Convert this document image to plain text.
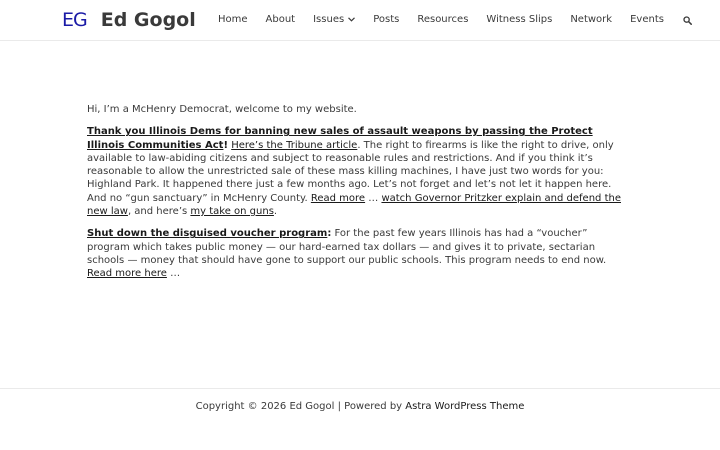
EG Ed Gogol	Home	About	Issues	Posts	Resources	Witness Slips	Network	Events

Hi, I’m a McHenry Democrat, welcome to my website.

Thank you Illinois Dems for banning new sales of assault weapons by passing the Protect Illinois Communities Act! Here’s the Tribune article. The right to firearms is like the right to drive, only available to law-abiding citizens and subject to reasonable rules and restrictions. And if you think it’s reasonable to allow the unrestricted sale of these mass killing machines, I have just two words for you: Highland Park. It happened there just a few months ago. Let’s not forget and let’s not let it happen here. And no “gun sanctuary” in McHenry County. Read more … watch Governor Pritzker explain and defend the new law, and here’s my take on guns.

Shut down the disguised voucher program: For the past few years Illinois has had a “voucher” program which takes public money — our hard-earned tax dollars — and gives it to private, sectarian schools — money that should have gone to support our public schools. This program needs to end now. Read more here …

Copyright © 2026 Ed Gogol | Powered by Astra WordPress Theme
